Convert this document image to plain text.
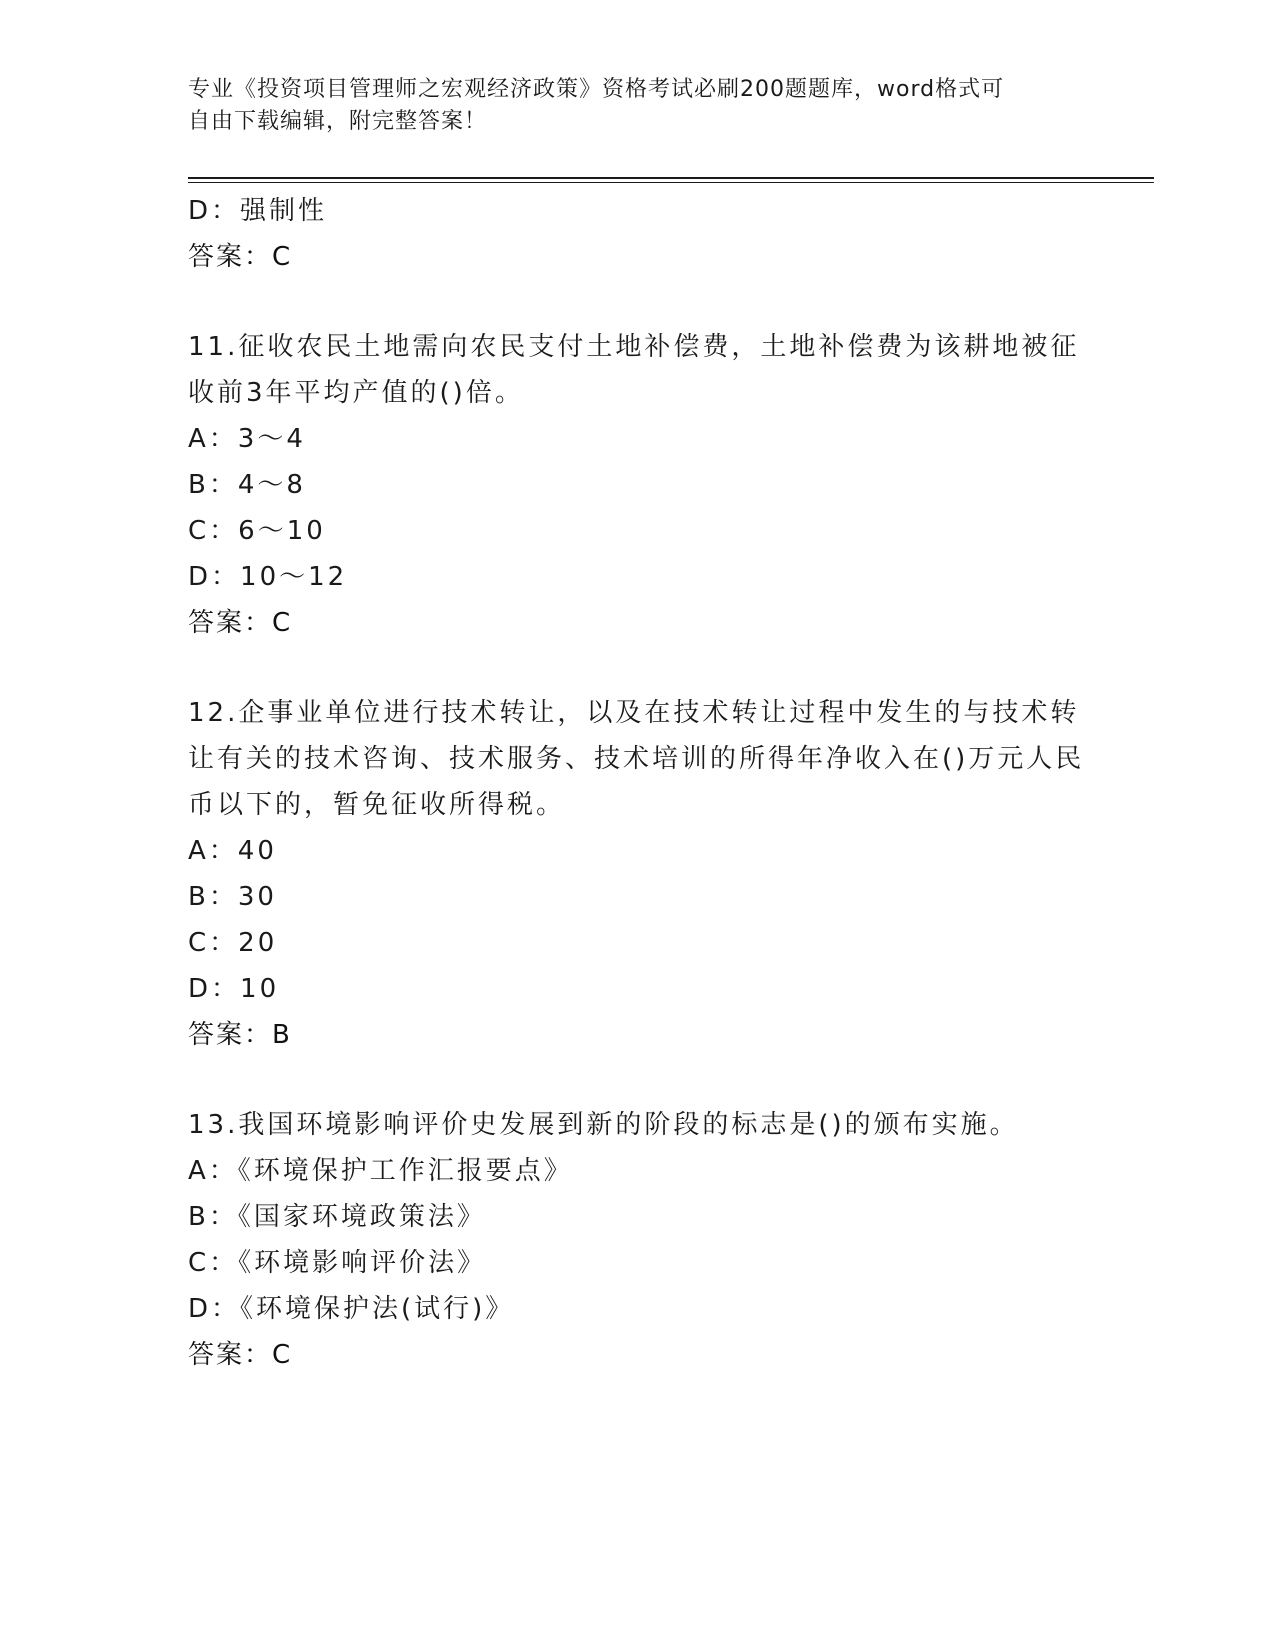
专业《投资项目管理师之宏观经济政策》资格考试必刷200题题库，word格式可
自由下载编辑，附完整答案！
D：强制性
答案：C
11.征收农民土地需向农民支付土地补偿费，土地补偿费为该耕地被征收前3年平均产值的()倍。
A：3～4
B：4～8
C：6～10
D：10～12
答案：C
12.企事业单位进行技术转让，以及在技术转让过程中发生的与技术转让有关的技术咨询、技术服务、技术培训的所得年净收入在()万元人民币以下的，暂免征收所得税。
A：40
B：30
C：20
D：10
答案：B
13.我国环境影响评价史发展到新的阶段的标志是()的颁布实施。
A：《环境保护工作汇报要点》
B：《国家环境政策法》
C：《环境影响评价法》
D：《环境保护法(试行)》
答案：C
